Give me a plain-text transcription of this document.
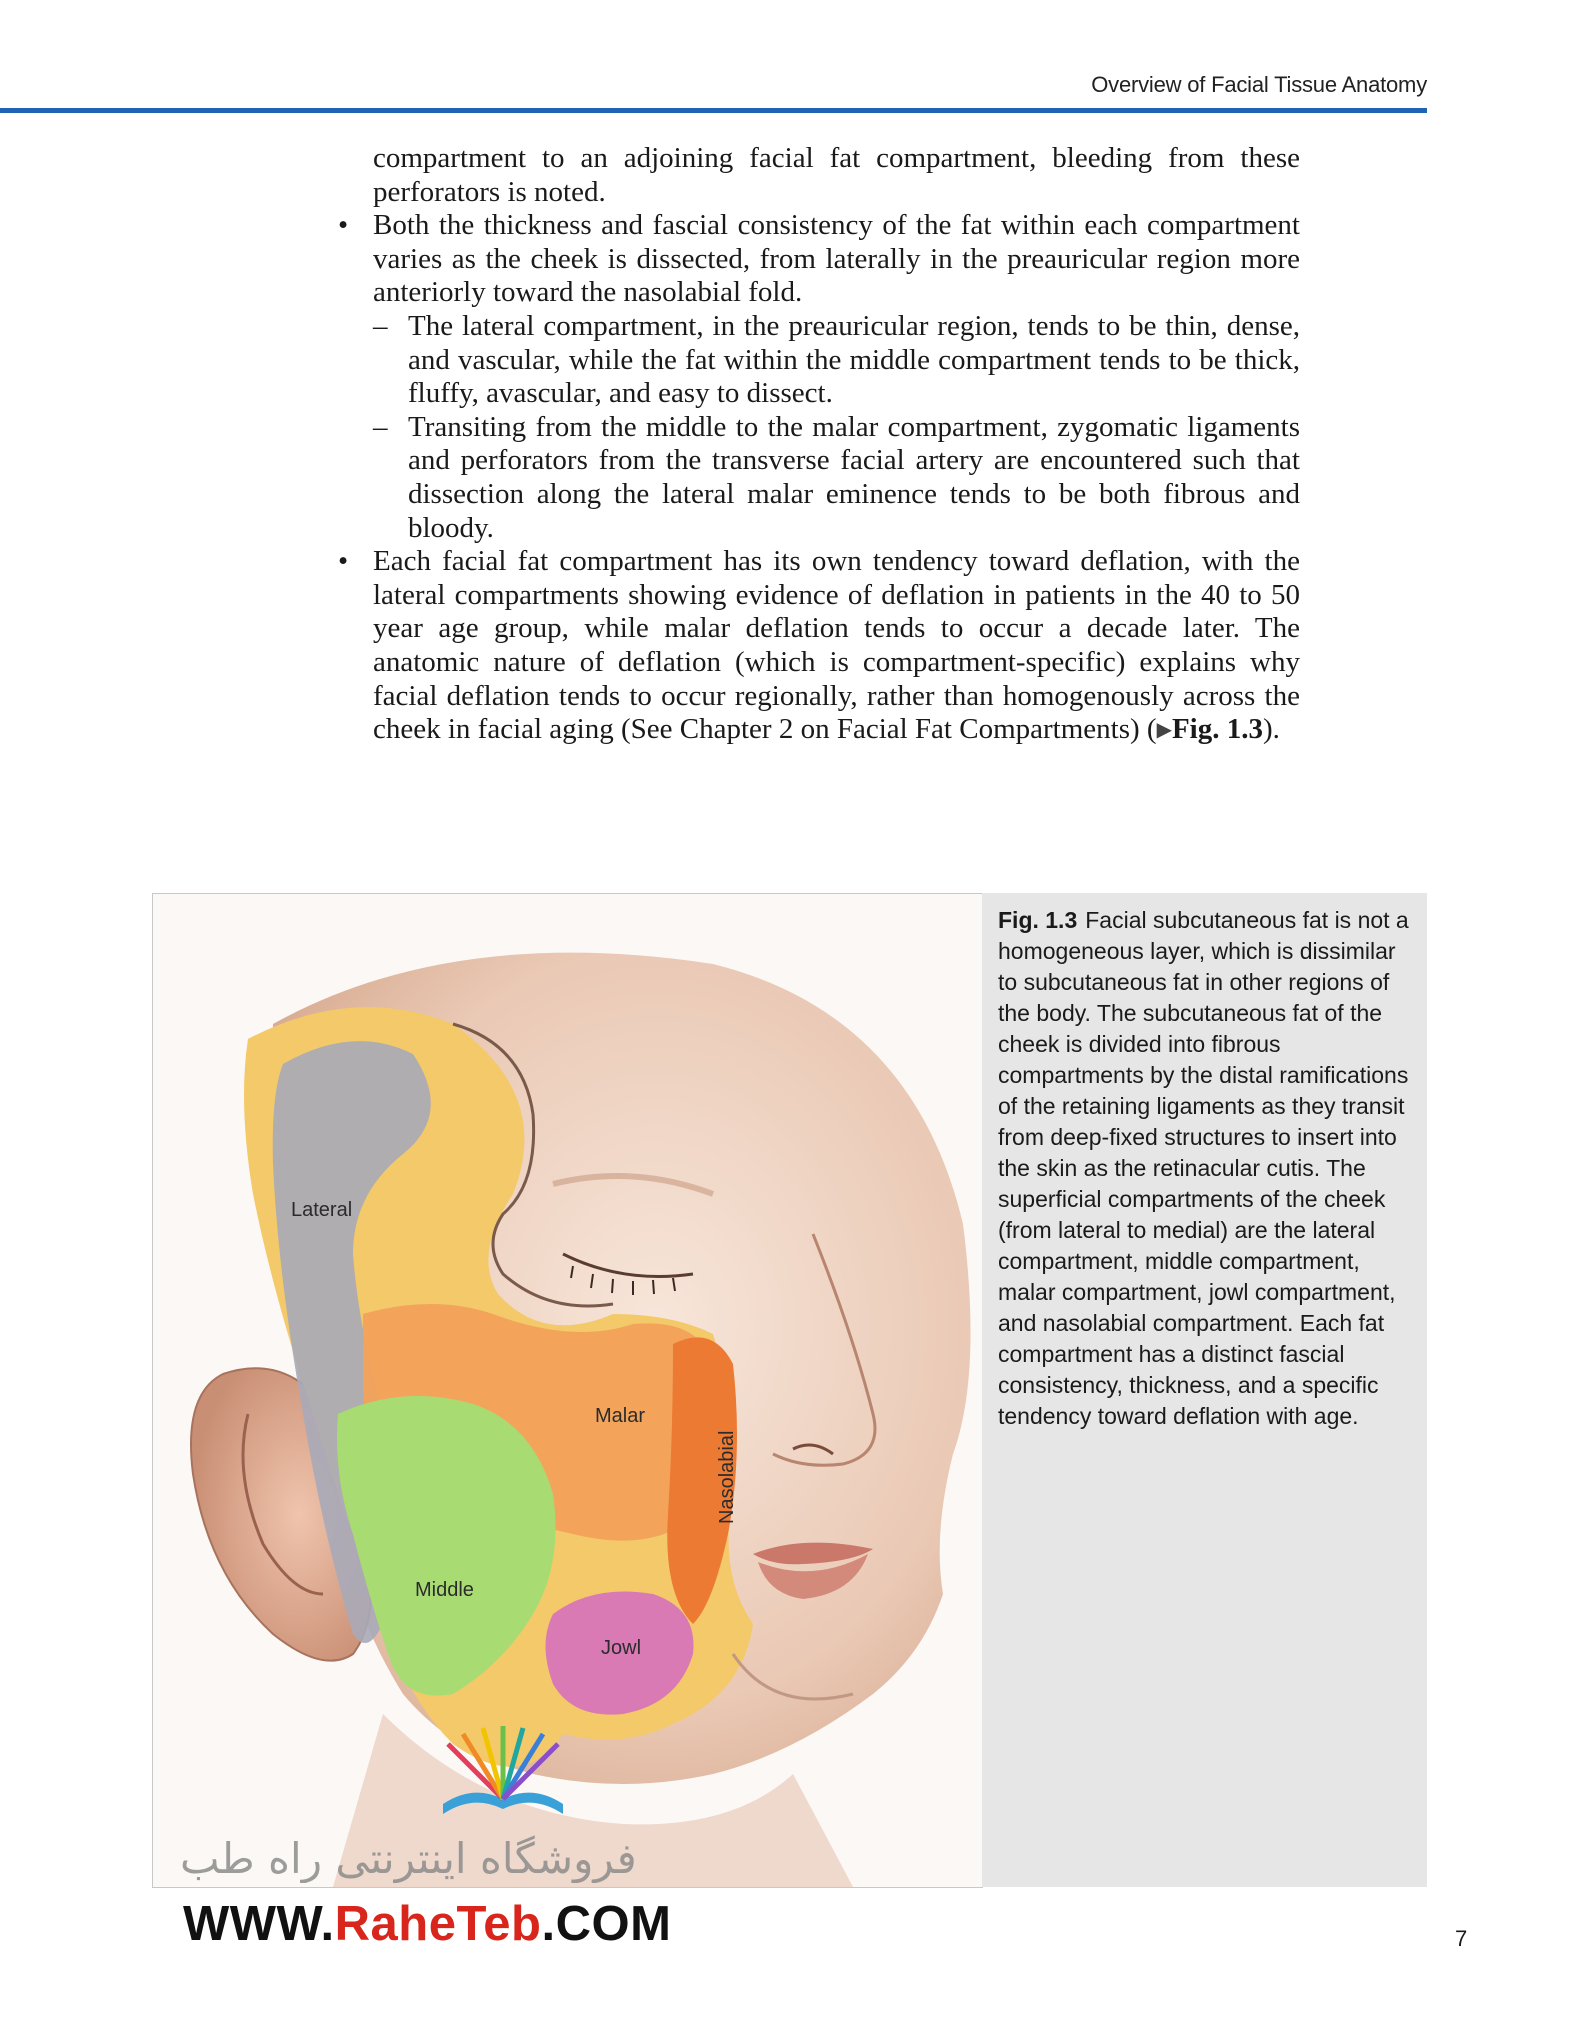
Overview of Facial Tissue Anatomy

compartment to an adjoining facial fat compartment, bleeding from these perforators is noted.

• Both the thickness and fascial consistency of the fat within each compartment varies as the cheek is dissected, from laterally in the preauricular region more anteriorly toward the nasolabial fold.

– The lateral compartment, in the preauricular region, tends to be thin, dense, and vascular, while the fat within the middle compartment tends to be thick, fluffy, avascular, and easy to dissect.

– Transiting from the middle to the malar compartment, zygomatic ligaments and perforators from the transverse facial artery are encountered such that dissection along the lateral malar eminence tends to be both fibrous and bloody.

• Each facial fat compartment has its own tendency toward deflation, with the lateral compartments showing evidence of deflation in patients in the 40 to 50 year age group, while malar deflation tends to occur a decade later. The anatomic nature of deflation (which is compartment-specific) explains why facial deflation tends to occur regionally, rather than homogenously across the cheek in facial aging (See Chapter 2 on Facial Fat Compartments) (▶Fig. 1.3).

Lateral
Malar
Nasolabial
Middle
Jowl
Fig. 1.3 Facial subcutaneous fat is not a homogeneous layer, which is dissimilar to subcutaneous fat in other regions of the body. The subcutaneous fat of the cheek is divided into fibrous compartments by the distal ramifications of the retaining ligaments as they transit from deep-fixed structures to insert into the skin as the retinacular cutis. The superficial compartments of the cheek (from lateral to medial) are the lateral compartment, middle compartment, malar compartment, jowl compartment, and nasolabial compartment. Each fat compartment has a distinct fascial consistency, thickness, and a specific tendency toward deflation with age.
فروشگاه اینترنتی راه طب
WWW.RaheTeb.COM	7
